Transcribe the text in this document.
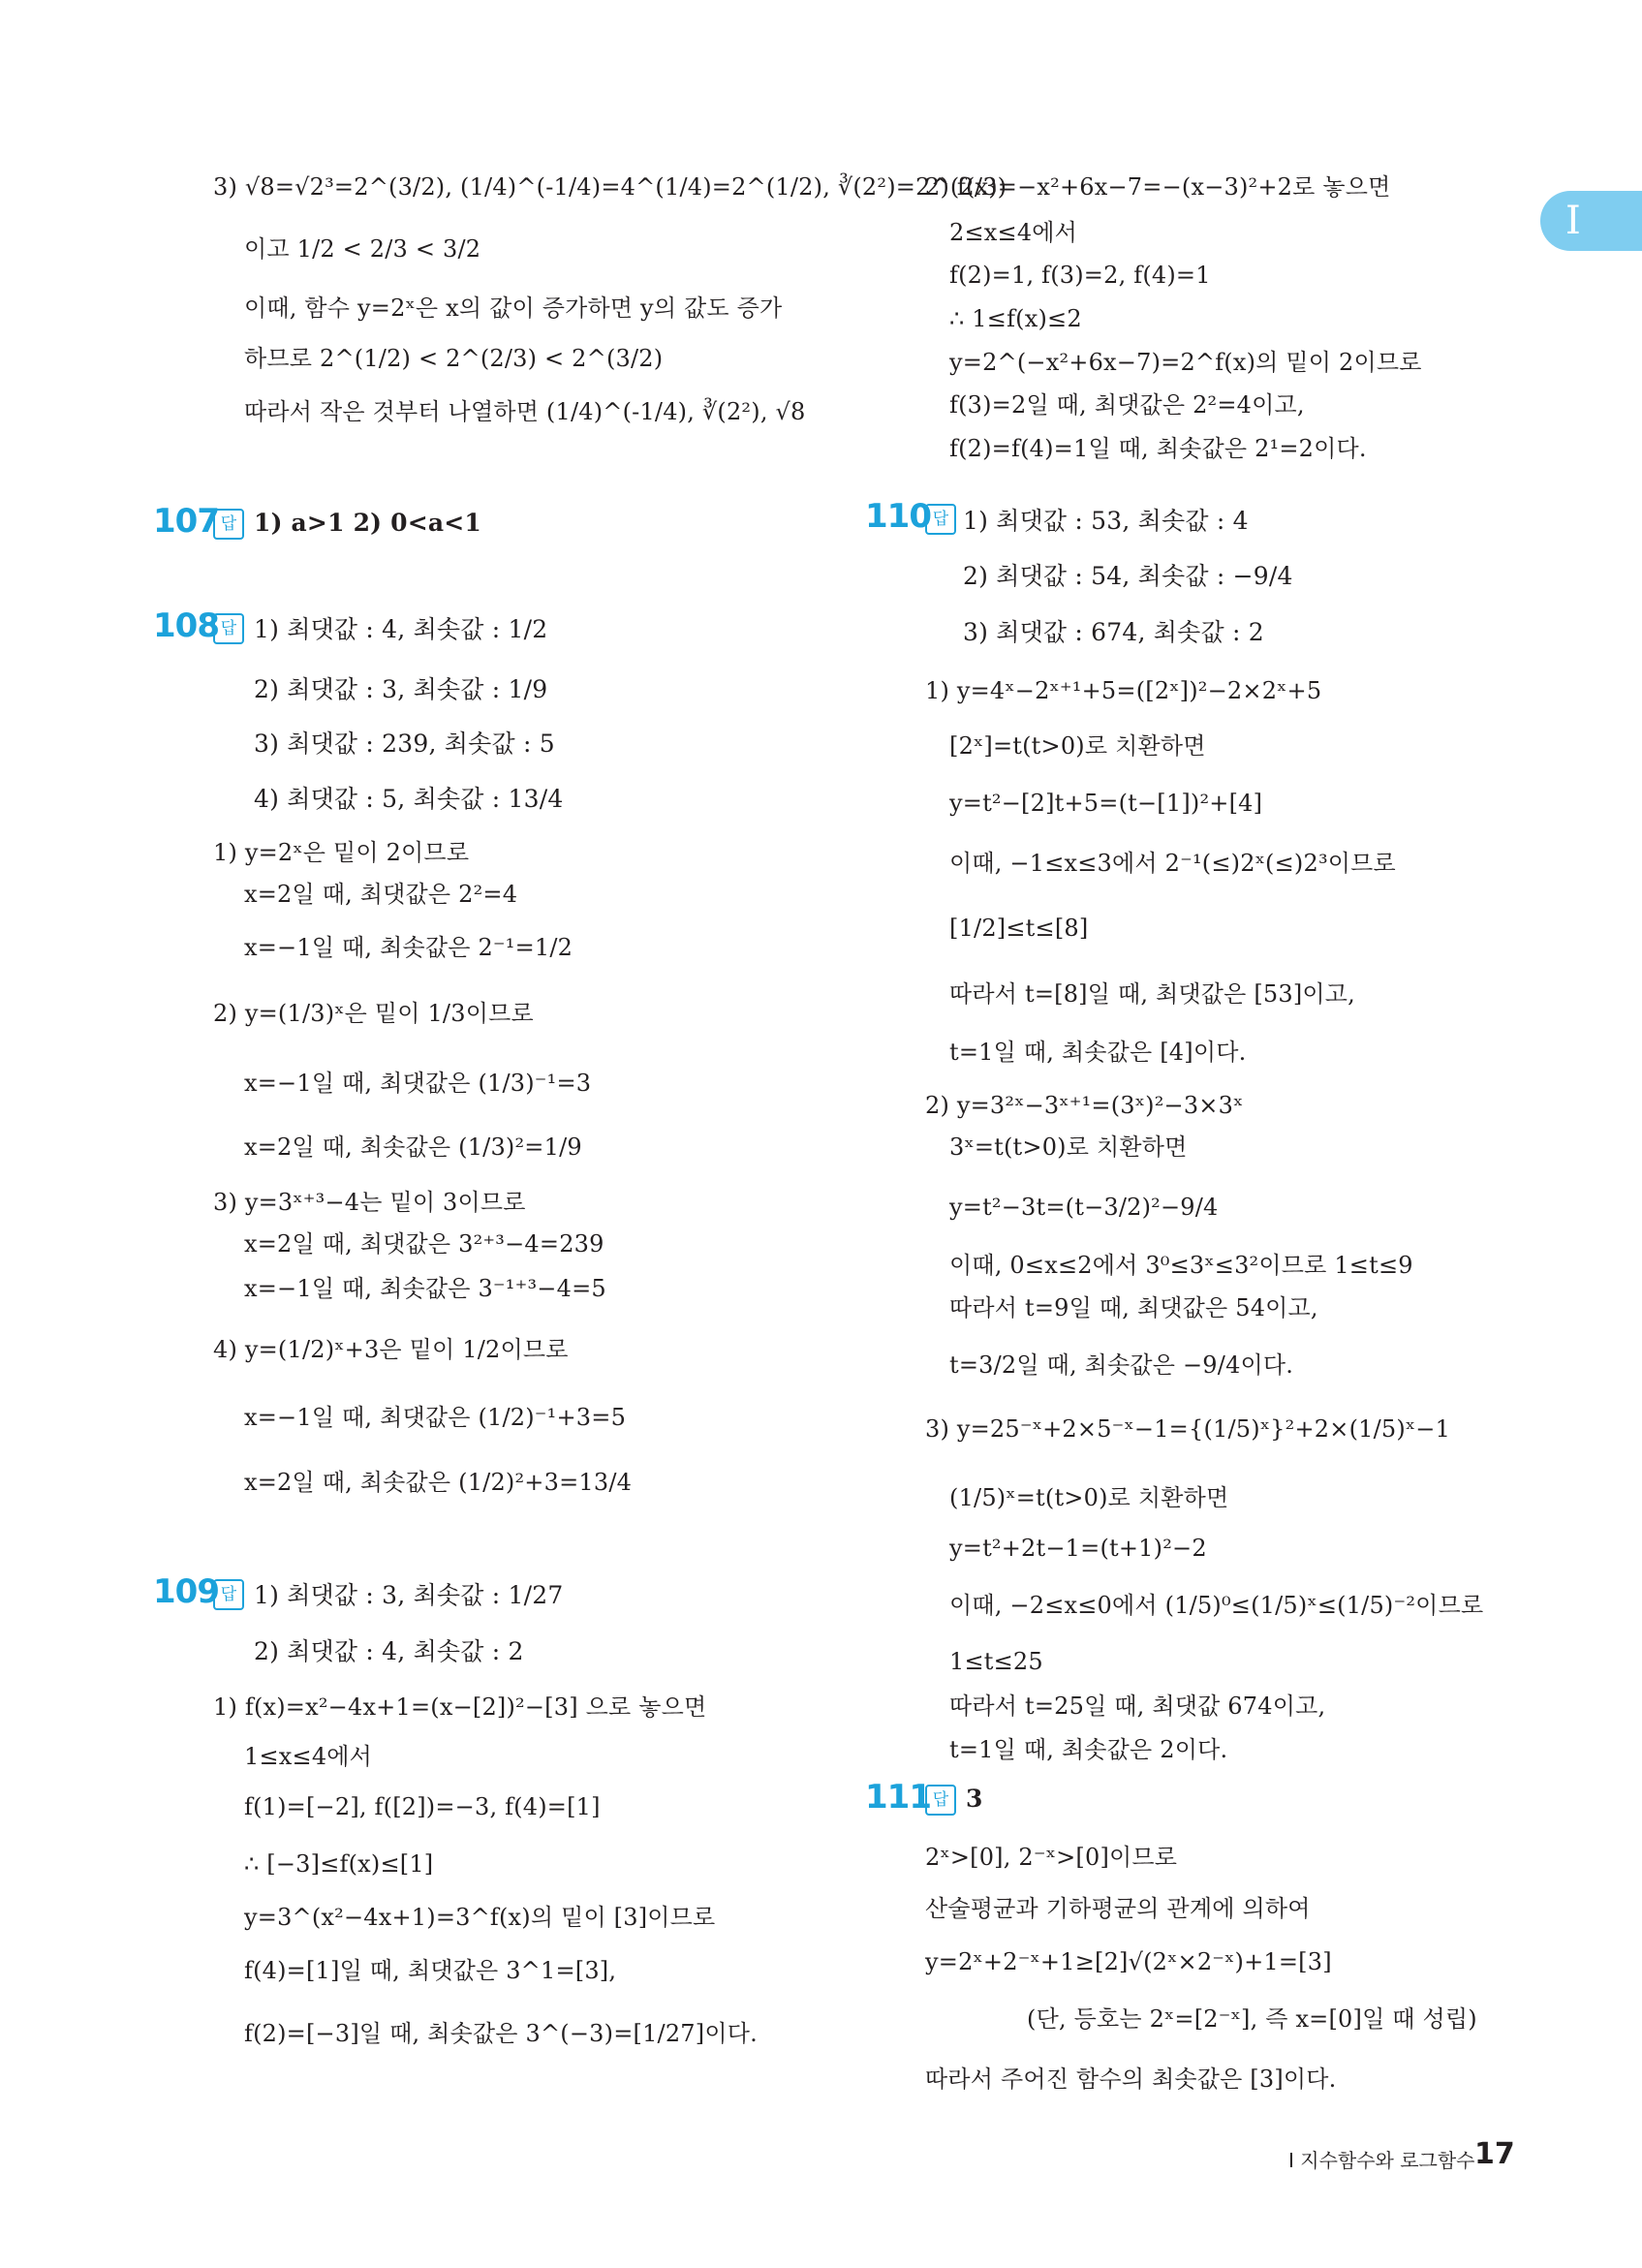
I
3) √8=√2³=2^(3/2), (1/4)^(-1/4)=4^(1/4)=2^(1/2), ∛(2²)=2^(2/3)
이고 1/2 < 2/3 < 3/2
이때, 함수 y=2ˣ은 x의 값이 증가하면 y의 값도 증가
하므로 2^(1/2) < 2^(2/3) < 2^(3/2)
따라서 작은 것부터 나열하면 (1/4)^(-1/4), ∛(2²), √8
1) 최댓값 : 4, 최솟값 : 1/2
2) 최댓값 : 3, 최솟값 : 1/9
3) 최댓값 : 239, 최솟값 : 5
4) 최댓값 : 5, 최솟값 : 13/4
1) y=2ˣ은 밑이 2이므로
x=2일 때, 최댓값은 2²=4
x=−1일 때, 최솟값은 2⁻¹=1/2
2) y=(1/3)ˣ은 밑이 1/3이므로
x=−1일 때, 최댓값은 (1/3)⁻¹=3
x=2일 때, 최솟값은 (1/3)²=1/9
3) y=3ˣ⁺³−4는 밑이 3이므로
x=2일 때, 최댓값은 3²⁺³−4=239
x=−1일 때, 최솟값은 3⁻¹⁺³−4=5
4) y=(1/2)ˣ+3은 밑이 1/2이므로
x=−1일 때, 최댓값은 (1/2)⁻¹+3=5
x=2일 때, 최솟값은 (1/2)²+3=13/4
1) 최댓값 : 3, 최솟값 : 1/27
2) 최댓값 : 4, 최솟값 : 2
1) f(x)=x²−4x+1=(x−[2])²−[3] 으로 놓으면
1≤x≤4에서
f(1)=[−2], f([2])=−3, f(4)=[1]
∴ [−3]≤f(x)≤[1]
y=3^(x²−4x+1)=3^f(x)의 밑이 [3]이므로
f(4)=[1]일 때, 최댓값은 3^1=[3],
f(2)=[−3]일 때, 최솟값은 3^(−3)=[1/27]이다.
107 답 1) a>1 2) 0<a<1
108 답
109 답
2) f(x)=−x²+6x−7=−(x−3)²+2로 놓으면
2≤x≤4에서
f(2)=1, f(3)=2, f(4)=1
∴ 1≤f(x)≤2
y=2^(−x²+6x−7)=2^f(x)의 밑이 2이므로
f(3)=2일 때, 최댓값은 2²=4이고,
f(2)=f(4)=1일 때, 최솟값은 2¹=2이다.
1) 최댓값 : 53, 최솟값 : 4
2) 최댓값 : 54, 최솟값 : −9/4
3) 최댓값 : 674, 최솟값 : 2
1) y=4ˣ−2ˣ⁺¹+5=([2ˣ])²−2×2ˣ+5
[2ˣ]=t(t>0)로 치환하면
y=t²−[2]t+5=(t−[1])²+[4]
이때, −1≤x≤3에서 2⁻¹(≤)2ˣ(≤)2³이므로
[1/2]≤t≤[8]
따라서 t=[8]일 때, 최댓값은 [53]이고,
t=1일 때, 최솟값은 [4]이다.
2) y=3²ˣ−3ˣ⁺¹=(3ˣ)²−3×3ˣ
3ˣ=t(t>0)로 치환하면
y=t²−3t=(t−3/2)²−9/4
이때, 0≤x≤2에서 3⁰≤3ˣ≤3²이므로 1≤t≤9
따라서 t=9일 때, 최댓값은 54이고,
t=3/2일 때, 최솟값은 −9/4이다.
3) y=25⁻ˣ+2×5⁻ˣ−1={(1/5)ˣ}²+2×(1/5)ˣ−1
(1/5)ˣ=t(t>0)로 치환하면
y=t²+2t−1=(t+1)²−2
이때, −2≤x≤0에서 (1/5)⁰≤(1/5)ˣ≤(1/5)⁻²이므로
1≤t≤25
따라서 t=25일 때, 최댓값 674이고,
t=1일 때, 최솟값은 2이다.
2ˣ>[0], 2⁻ˣ>[0]이므로
산술평균과 기하평균의 관계에 의하여
y=2ˣ+2⁻ˣ+1≥[2]√(2ˣ×2⁻ˣ)+1=[3]
(단, 등호는 2ˣ=[2⁻ˣ], 즉 x=[0]일 때 성립)
따라서 주어진 함수의 최솟값은 [3]이다.
110 답
111 답 3
I 지수함수와 로그함수 17
